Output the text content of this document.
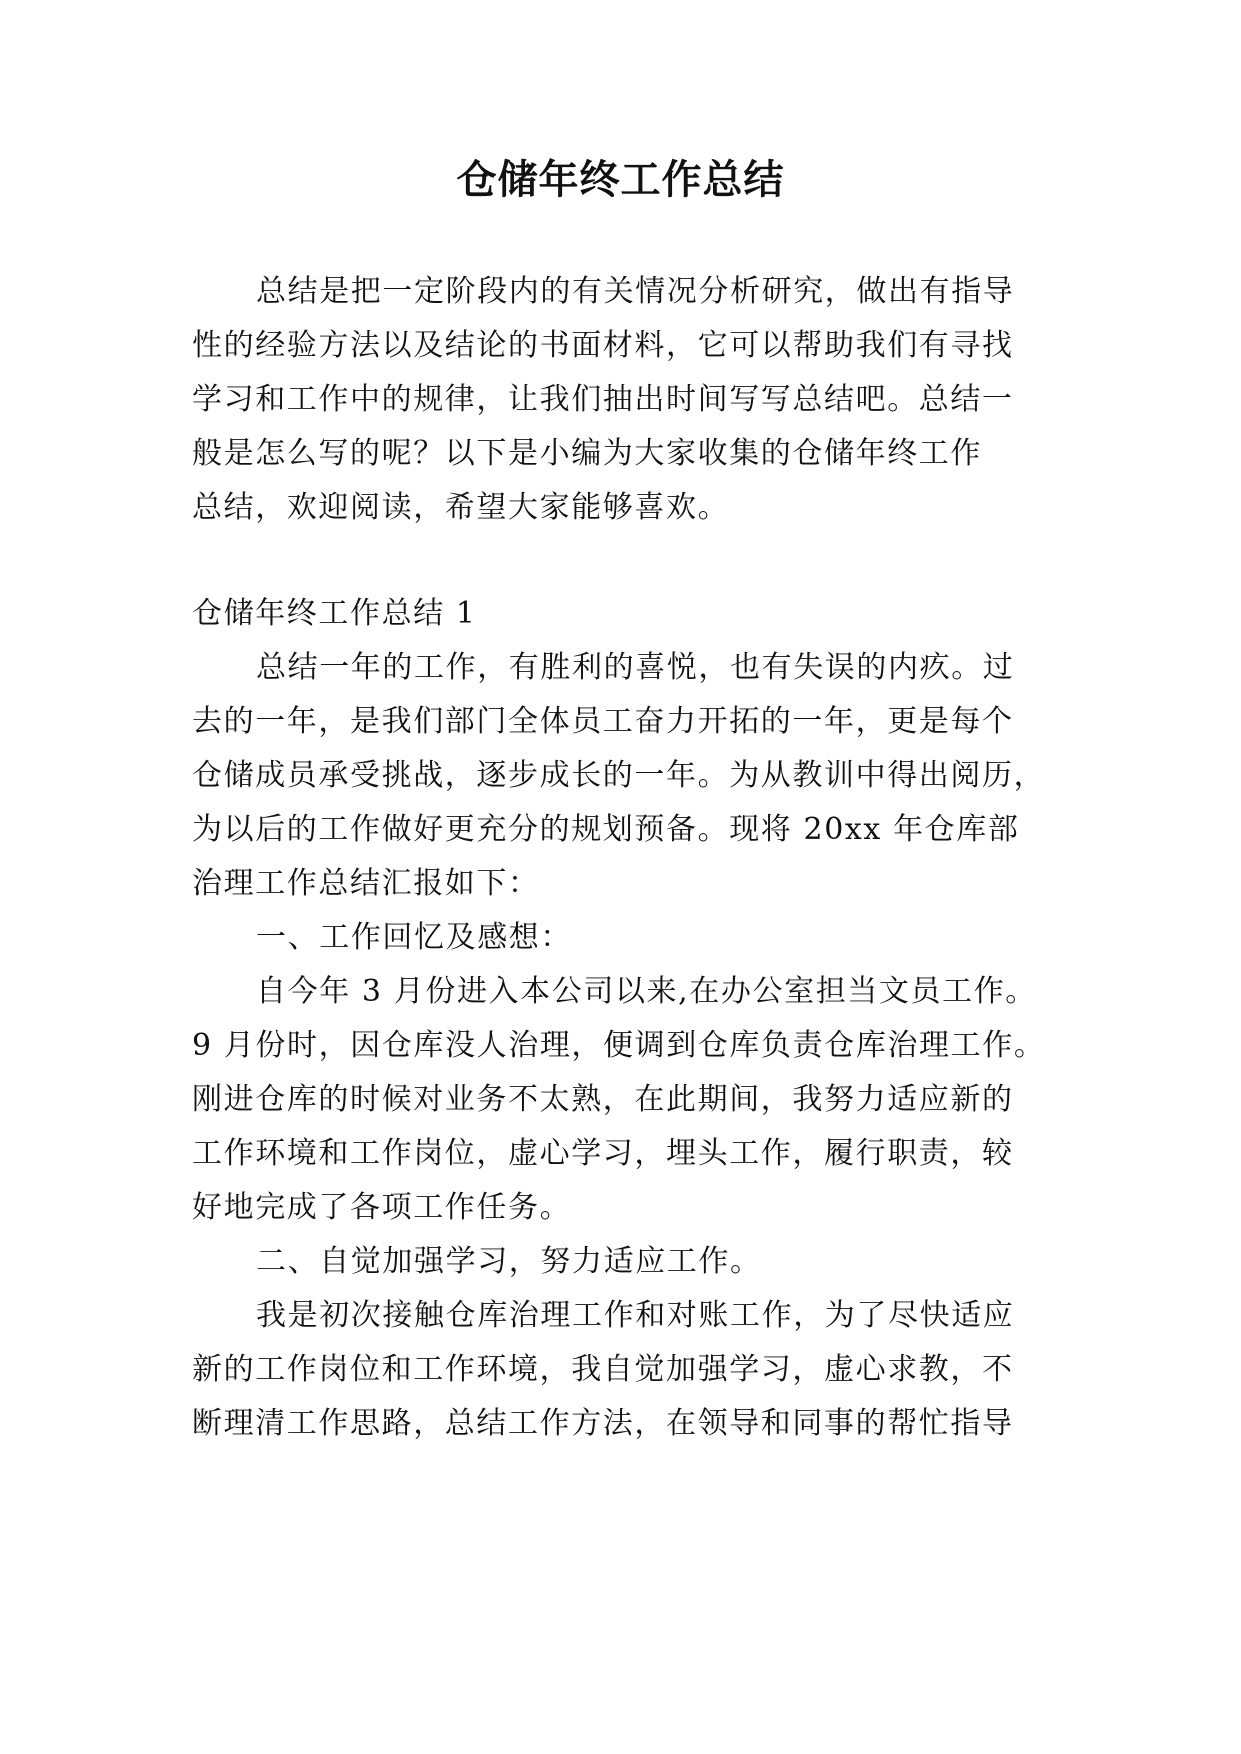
仓储年终工作总结
总结是把一定阶段内的有关情况分析研究，做出有指导
性的经验方法以及结论的书面材料，它可以帮助我们有寻找
学习和工作中的规律，让我们抽出时间写写总结吧。总结一
般是怎么写的呢？以下是小编为大家收集的仓储年终工作
总结，欢迎阅读，希望大家能够喜欢。
仓储年终工作总结 1
总结一年的工作，有胜利的喜悦，也有失误的内疚。过
去的一年，是我们部门全体员工奋力开拓的一年，更是每个
仓储成员承受挑战，逐步成长的一年。为从教训中得出阅历，
为以后的工作做好更充分的规划预备。现将 20xx 年仓库部
治理工作总结汇报如下：
一、工作回忆及感想：
自今年 3 月份进入本公司以来,在办公室担当文员工作。
9 月份时，因仓库没人治理，便调到仓库负责仓库治理工作。
刚进仓库的时候对业务不太熟，在此期间，我努力适应新的
工作环境和工作岗位，虚心学习，埋头工作，履行职责，较
好地完成了各项工作任务。
二、自觉加强学习，努力适应工作。
我是初次接触仓库治理工作和对账工作，为了尽快适应
新的工作岗位和工作环境，我自觉加强学习，虚心求教，不
断理清工作思路，总结工作方法，在领导和同事的帮忙指导
